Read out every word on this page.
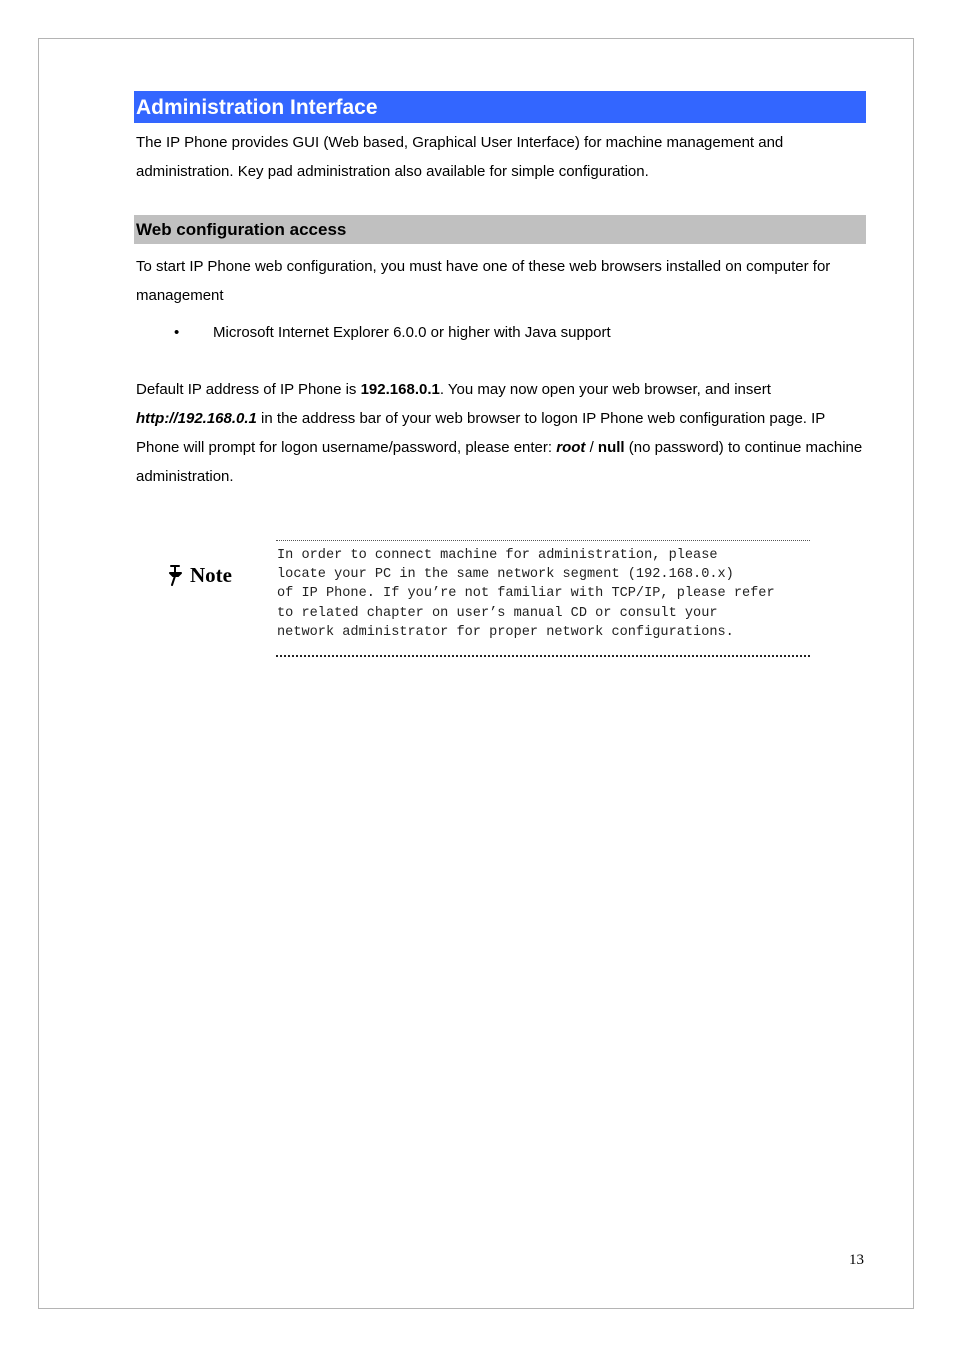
Administration Interface

The IP Phone provides GUI (Web based, Graphical User Interface) for machine management and administration. Key pad administration also available for simple configuration.

Web configuration access

To start IP Phone web configuration, you must have one of these web browsers installed on computer for management

• Microsoft Internet Explorer 6.0.0 or higher with Java support

Default IP address of IP Phone is 192.168.0.1. You may now open your web browser, and insert http://192.168.0.1 in the address bar of your web browser to logon IP Phone web configuration page. IP Phone will prompt for logon username/password, please enter: root / null (no password) to continue machine administration.

Note
In order to connect machine for administration, please
locate your PC in the same network segment (192.168.0.x)
of IP Phone. If you’re not familiar with TCP/IP, please refer
to related chapter on user’s manual CD or consult your
network administrator for proper network configurations.
13
